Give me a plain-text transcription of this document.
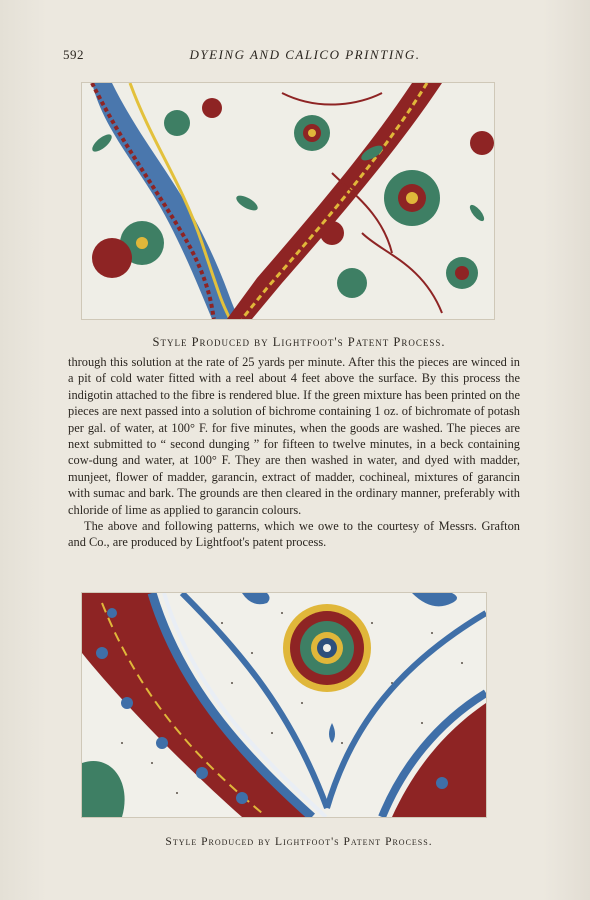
592	DYEING AND CALICO PRINTING.
Style Produced by Lightfoot's Patent Process.

through this solution at the rate of 25 yards per minute. After this the pieces are winced in a pit of cold water fitted with a reel about 4 feet above the surface. By this process the indigotin attached to the fibre is rendered blue. If the green mixture has been printed on the pieces are next passed into a solution of bichrome containing 1 oz. of bichromate of potash per gal. of water, at 100° F. for five minutes, when the goods are washed. The pieces are next submitted to “ second dunging ” for fifteen to twelve minutes, in a beck containing cow-dung and water, at 100° F. They are then washed in water, and dyed with madder, munjeet, flower of madder, garancin, extract of madder, cochineal, mixtures of garancin with sumac and bark. The grounds are then cleared in the ordinary manner, preferably with chloride of lime as applied to garancin colours.

The above and following patterns, which we owe to the courtesy of Messrs. Grafton and Co., are produced by Lightfoot's patent process.

Style Produced by Lightfoot's Patent Process.
